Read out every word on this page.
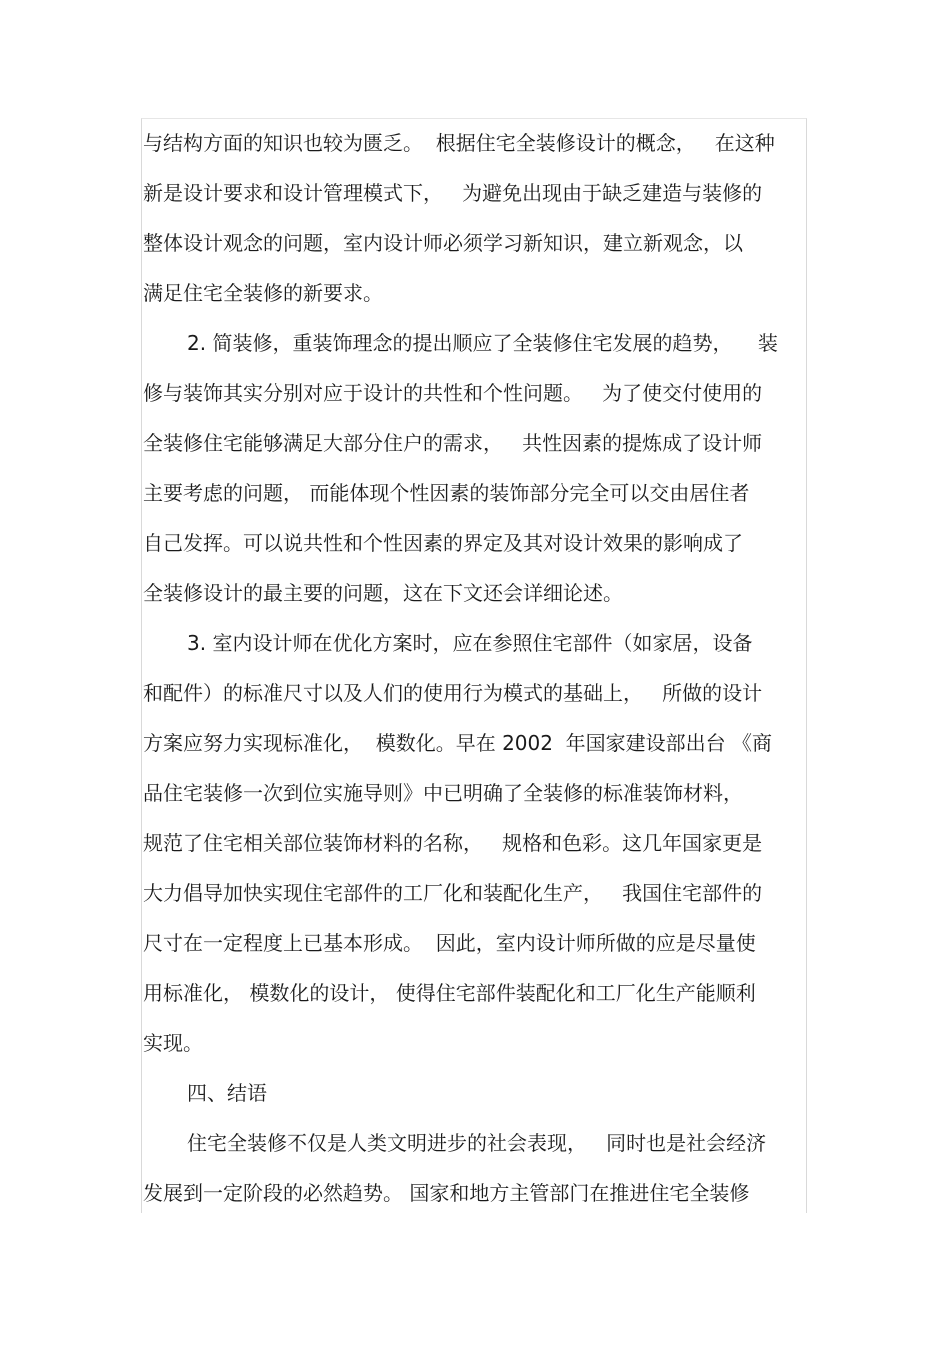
与结构方面的知识也较为匮乏。  根据住宅全装修设计的概念，   在这种
新是设计要求和设计管理模式下，   为避免出现由于缺乏建造与装修的
整体设计观念的问题，室内设计师必须学习新知识，建立新观念，以
满足住宅全装修的新要求。
2. 简装修，重装饰理念的提出顺应了全装修住宅发展的趋势，    装
修与装饰其实分别对应于设计的共性和个性问题。   为了使交付使用的
全装修住宅能够满足大部分住户的需求，   共性因素的提炼成了设计师
主要考虑的问题， 而能体现个性因素的装饰部分完全可以交由居住者
自己发挥。可以说共性和个性因素的界定及其对设计效果的影响成了
全装修设计的最主要的问题，这在下文还会详细论述。
3. 室内设计师在优化方案时，应在参照住宅部件（如家居，设备
和配件）的标准尺寸以及人们的使用行为模式的基础上，   所做的设计
方案应努力实现标准化，  模数化。早在 2002  年国家建设部出台 《商
品住宅装修一次到位实施导则》中已明确了全装修的标准装饰材料，
规范了住宅相关部位装饰材料的名称，   规格和色彩。这几年国家更是
大力倡导加快实现住宅部件的工厂化和装配化生产，   我国住宅部件的
尺寸在一定程度上已基本形成。  因此，室内设计师所做的应是尽量使
用标准化， 模数化的设计， 使得住宅部件装配化和工厂化生产能顺利
实现。
四、结语
住宅全装修不仅是人类文明进步的社会表现，   同时也是社会经济
发展到一定阶段的必然趋势。 国家和地方主管部门在推进住宅全装修
